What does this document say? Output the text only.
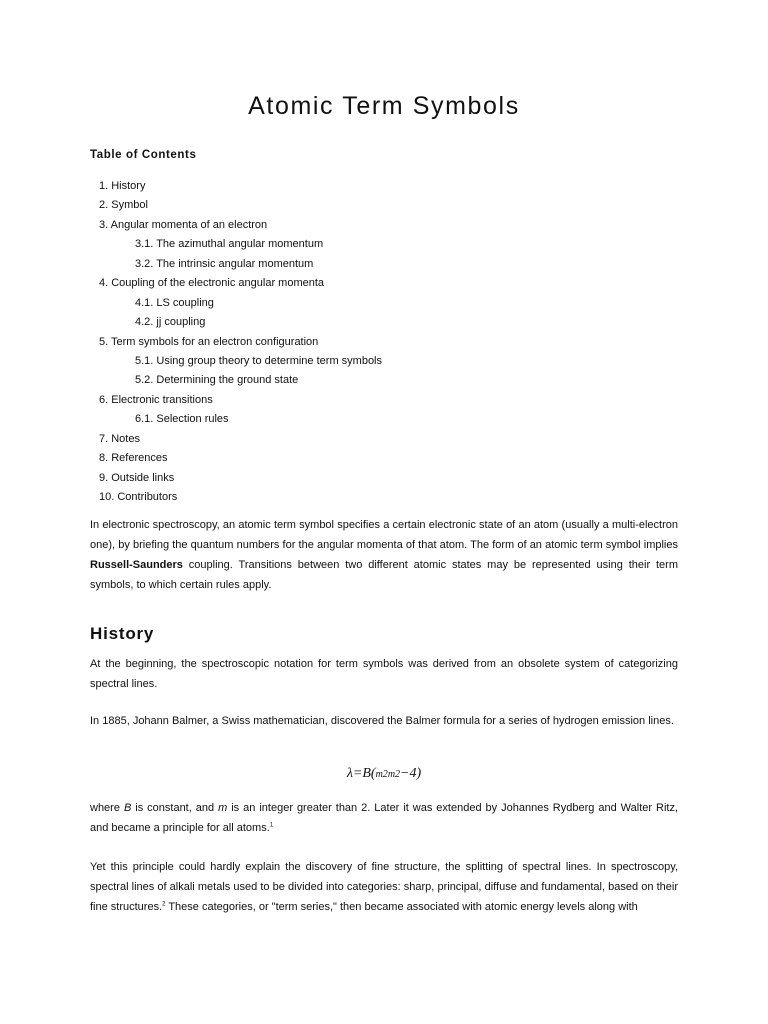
Atomic Term Symbols
Table of Contents
1. History
2. Symbol
3. Angular momenta of an electron
3.1. The azimuthal angular momentum
3.2. The intrinsic angular momentum
4. Coupling of the electronic angular momenta
4.1. LS coupling
4.2. jj coupling
5. Term symbols for an electron configuration
5.1. Using group theory to determine term symbols
5.2. Determining the ground state
6. Electronic transitions
6.1. Selection rules
7. Notes
8. References
9. Outside links
10. Contributors

In electronic spectroscopy, an atomic term symbol specifies a certain electronic state of an atom (usually a multi-electron one), by briefing the quantum numbers for the angular momenta of that atom. The form of an atomic term symbol implies Russell-Saunders coupling. Transitions between two different atomic states may be represented using their term symbols, to which certain rules apply.

History

At the beginning, the spectroscopic notation for term symbols was derived from an obsolete system of categorizing spectral lines.

In 1885, Johann Balmer, a Swiss mathematician, discovered the Balmer formula for a series of hydrogen emission lines.

λ=B(m2m2−4)

where B is constant, and m is an integer greater than 2. Later it was extended by Johannes Rydberg and Walter Ritz, and became a principle for all atoms.$^1$

Yet this principle could hardly explain the discovery of fine structure, the splitting of spectral lines. In spectroscopy, spectral lines of alkali metals used to be divided into categories: sharp, principal, diffuse and fundamental, based on their fine structures.$^2$ These categories, or "term series," then became associated with atomic energy levels along with
